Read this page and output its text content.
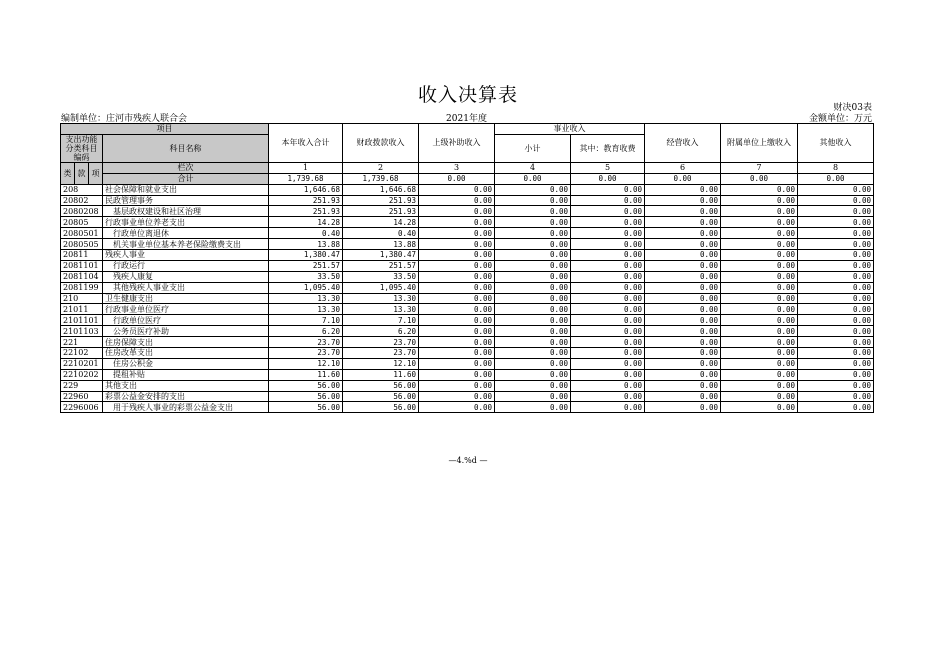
收入决算表
财决03表
编制单位：庄河市残疾人联合会	2021年度	金额单位：万元
项目				本年收入合计	财政拨款收入	上级补助收入	事业收入		经营收入	附属单位上缴收入	其他收入
支出功能分类科目编码			科目名称				小计	其中：教育收费			

类	款	项	栏次	1	2	3	4	5	6	7	8
			合计	1,739.68	1,739.68	0.00	0.00	0.00	0.00	0.00	0.00
208			社会保障和就业支出	1,646.68	1,646.68	0.00	0.00	0.00	0.00	0.00	0.00
20802			民政管理事务	251.93	251.93	0.00	0.00	0.00	0.00	0.00	0.00
2080208			基层政权建设和社区治理	251.93	251.93	0.00	0.00	0.00	0.00	0.00	0.00
20805			行政事业单位养老支出	14.28	14.28	0.00	0.00	0.00	0.00	0.00	0.00
2080501			行政单位离退休	0.40	0.40	0.00	0.00	0.00	0.00	0.00	0.00
2080505			机关事业单位基本养老保险缴费支出	13.88	13.88	0.00	0.00	0.00	0.00	0.00	0.00
20811			残疾人事业	1,380.47	1,380.47	0.00	0.00	0.00	0.00	0.00	0.00
2081101			行政运行	251.57	251.57	0.00	0.00	0.00	0.00	0.00	0.00
2081104			残疾人康复	33.50	33.50	0.00	0.00	0.00	0.00	0.00	0.00
2081199			其他残疾人事业支出	1,095.40	1,095.40	0.00	0.00	0.00	0.00	0.00	0.00
210			卫生健康支出	13.30	13.30	0.00	0.00	0.00	0.00	0.00	0.00
21011			行政事业单位医疗	13.30	13.30	0.00	0.00	0.00	0.00	0.00	0.00
2101101			行政单位医疗	7.10	7.10	0.00	0.00	0.00	0.00	0.00	0.00
2101103			公务员医疗补助	6.20	6.20	0.00	0.00	0.00	0.00	0.00	0.00
221			住房保障支出	23.70	23.70	0.00	0.00	0.00	0.00	0.00	0.00
22102			住房改革支出	23.70	23.70	0.00	0.00	0.00	0.00	0.00	0.00
2210201			住房公积金	12.10	12.10	0.00	0.00	0.00	0.00	0.00	0.00
2210202			提租补贴	11.60	11.60	0.00	0.00	0.00	0.00	0.00	0.00
229			其他支出	56.00	56.00	0.00	0.00	0.00	0.00	0.00	0.00
22960			彩票公益金安排的支出	56.00	56.00	0.00	0.00	0.00	0.00	0.00	0.00
2296006			用于残疾人事业的彩票公益金支出	56.00	56.00	0.00	0.00	0.00	0.00	0.00	0.00
—4.%d —
